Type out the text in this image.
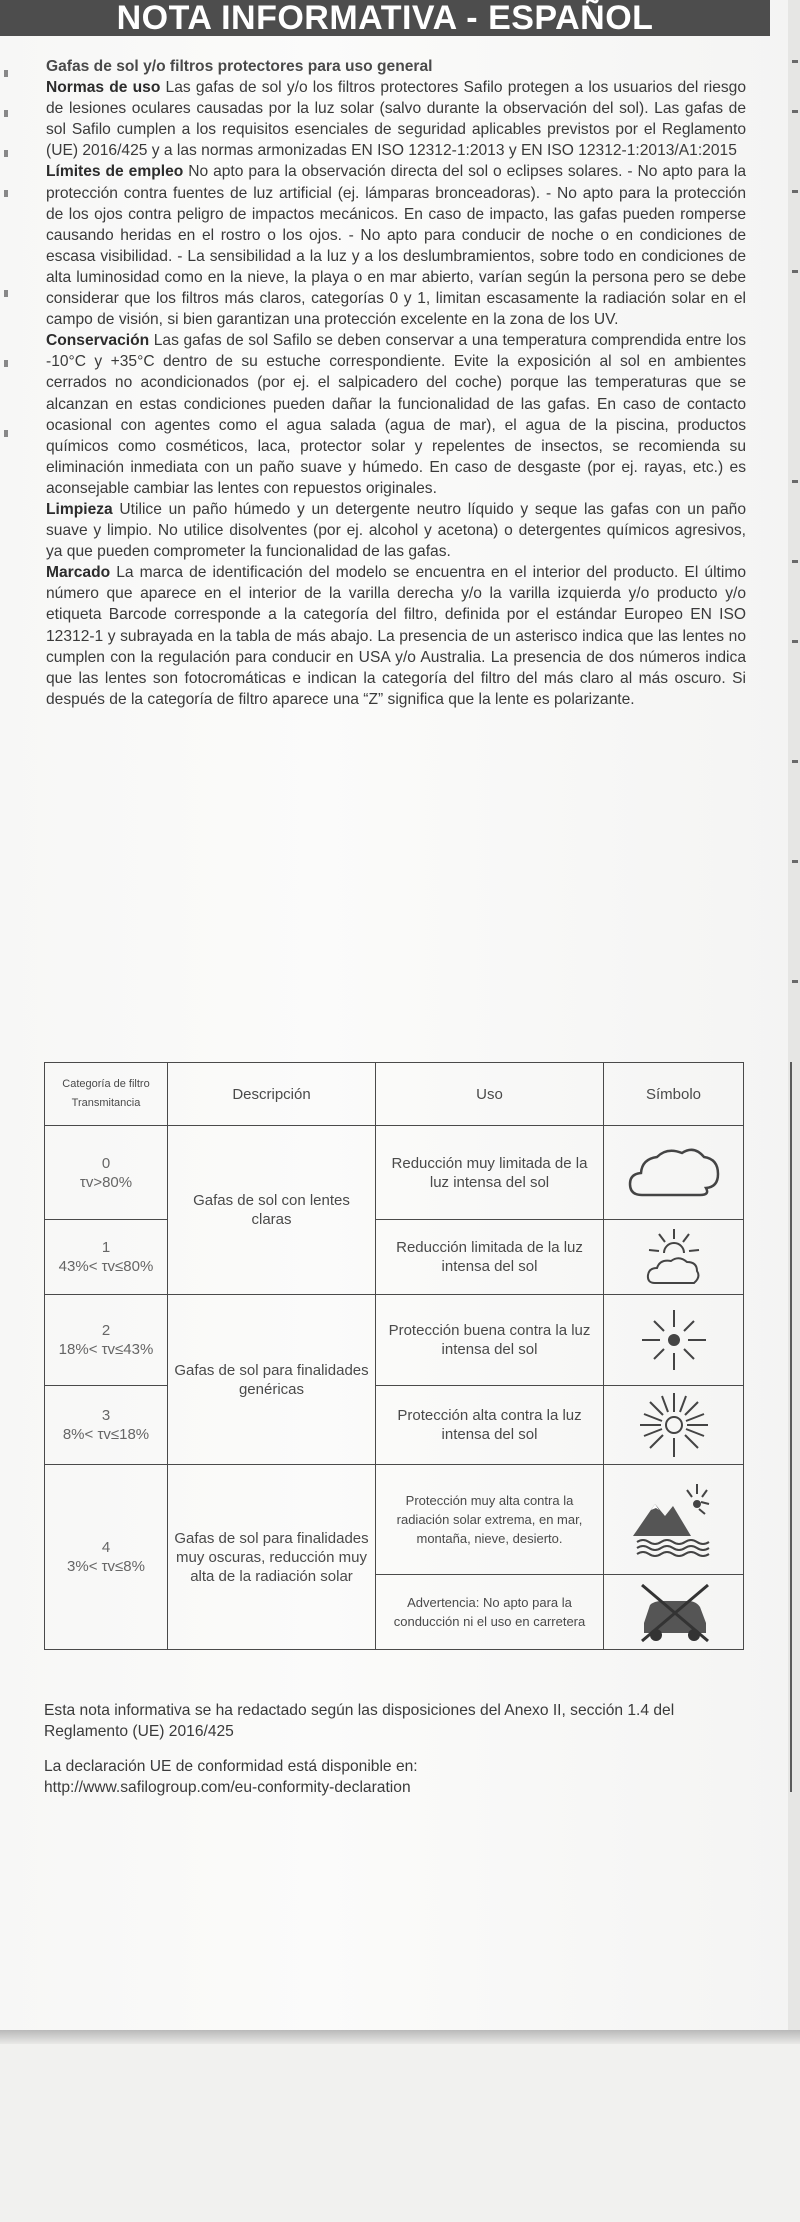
NOTA INFORMATIVA - ESPAÑOL

Gafas de sol y/o filtros protectores para uso general

Normas de uso Las gafas de sol y/o los filtros protectores Safilo protegen a los usuarios del riesgo de lesiones oculares causadas por la luz solar (salvo durante la observación del sol). Las gafas de sol Safilo cumplen a los requisitos esenciales de seguridad aplicables previstos por el Reglamento (UE) 2016/425 y a las normas armonizadas EN ISO 12312-1:2013 y EN ISO 12312-1:2013/A1:2015

Límites de empleo No apto para la observación directa del sol o eclipses solares. - No apto para la protección contra fuentes de luz artificial (ej. lámparas bronceadoras). - No apto para la protección de los ojos contra peligro de impactos mecánicos. En caso de impacto, las gafas pueden romperse causando heridas en el rostro o los ojos. - No apto para conducir de noche o en condiciones de escasa visibilidad. - La sensibilidad a la luz y a los deslumbramientos, sobre todo en condiciones de alta luminosidad como en la nieve, la playa o en mar abierto, varían según la persona pero se debe considerar que los filtros más claros, categorías 0 y 1, limitan escasamente la radiación solar en el campo de visión, si bien garantizan una protección excelente en la zona de los UV.

Conservación Las gafas de sol Safilo se deben conservar a una temperatura comprendida entre los -10°C y +35°C dentro de su estuche correspondiente. Evite la exposición al sol en ambientes cerrados no acondicionados (por ej. el salpicadero del coche) porque las temperaturas que se alcanzan en estas condiciones pueden dañar la funcionalidad de las gafas. En caso de contacto ocasional con agentes como el agua salada (agua de mar), el agua de la piscina, productos químicos como cosméticos, laca, protector solar y repelentes de insectos, se recomienda su eliminación inmediata con un paño suave y húmedo. En caso de desgaste (por ej. rayas, etc.) es aconsejable cambiar las lentes con repuestos originales.

Limpieza Utilice un paño húmedo y un detergente neutro líquido y seque las gafas con un paño suave y limpio. No utilice disolventes (por ej. alcohol y acetona) o detergentes químicos agresivos, ya que pueden comprometer la funcionalidad de las gafas.

Marcado La marca de identificación del modelo se encuentra en el interior del producto. El último número que aparece en el interior de la varilla derecha y/o la varilla izquierda y/o producto y/o etiqueta Barcode corresponde a la categoría del filtro, definida por el estándar Europeo EN ISO 12312-1 y subrayada en la tabla de más abajo. La presencia de un asterisco indica que las lentes no cumplen con la regulación para conducir en USA y/o Australia. La presencia de dos números indica que las lentes son fotocromáticas e indican la categoría del filtro del más claro al más oscuro. Si después de la categoría de filtro aparece una “Z” significa que la lente es polarizante.

Categoría de filtro Transmitancia	Descripción	Uso	Símbolo

0
τv>80%	Gafas de sol con lentes claras	Reducción muy limitada de la luz intensa del sol	

1
43%< τv≤80%		Reducción limitada de la luz intensa del sol	

2
18%< τv≤43%	Gafas de sol para finalidades genéricas	Protección buena contra la luz intensa del sol	

3
8%< τv≤18%		Protección alta contra la luz intensa del sol	

4
3%< τv≤8%	Gafas de sol para finalidades muy oscuras, reducción muy alta de la radiación solar	Protección muy alta contra la radiación solar extrema, en mar, montaña, nieve, desierto.	

		Advertencia: No apto para la conducción ni el uso en carretera	

Esta nota informativa se ha redactado según las disposiciones del Anexo II, sección 1.4 del Reglamento (UE) 2016/425

La declaración UE de conformidad está disponible en:
http://www.safilogroup.com/eu-conformity-declaration
